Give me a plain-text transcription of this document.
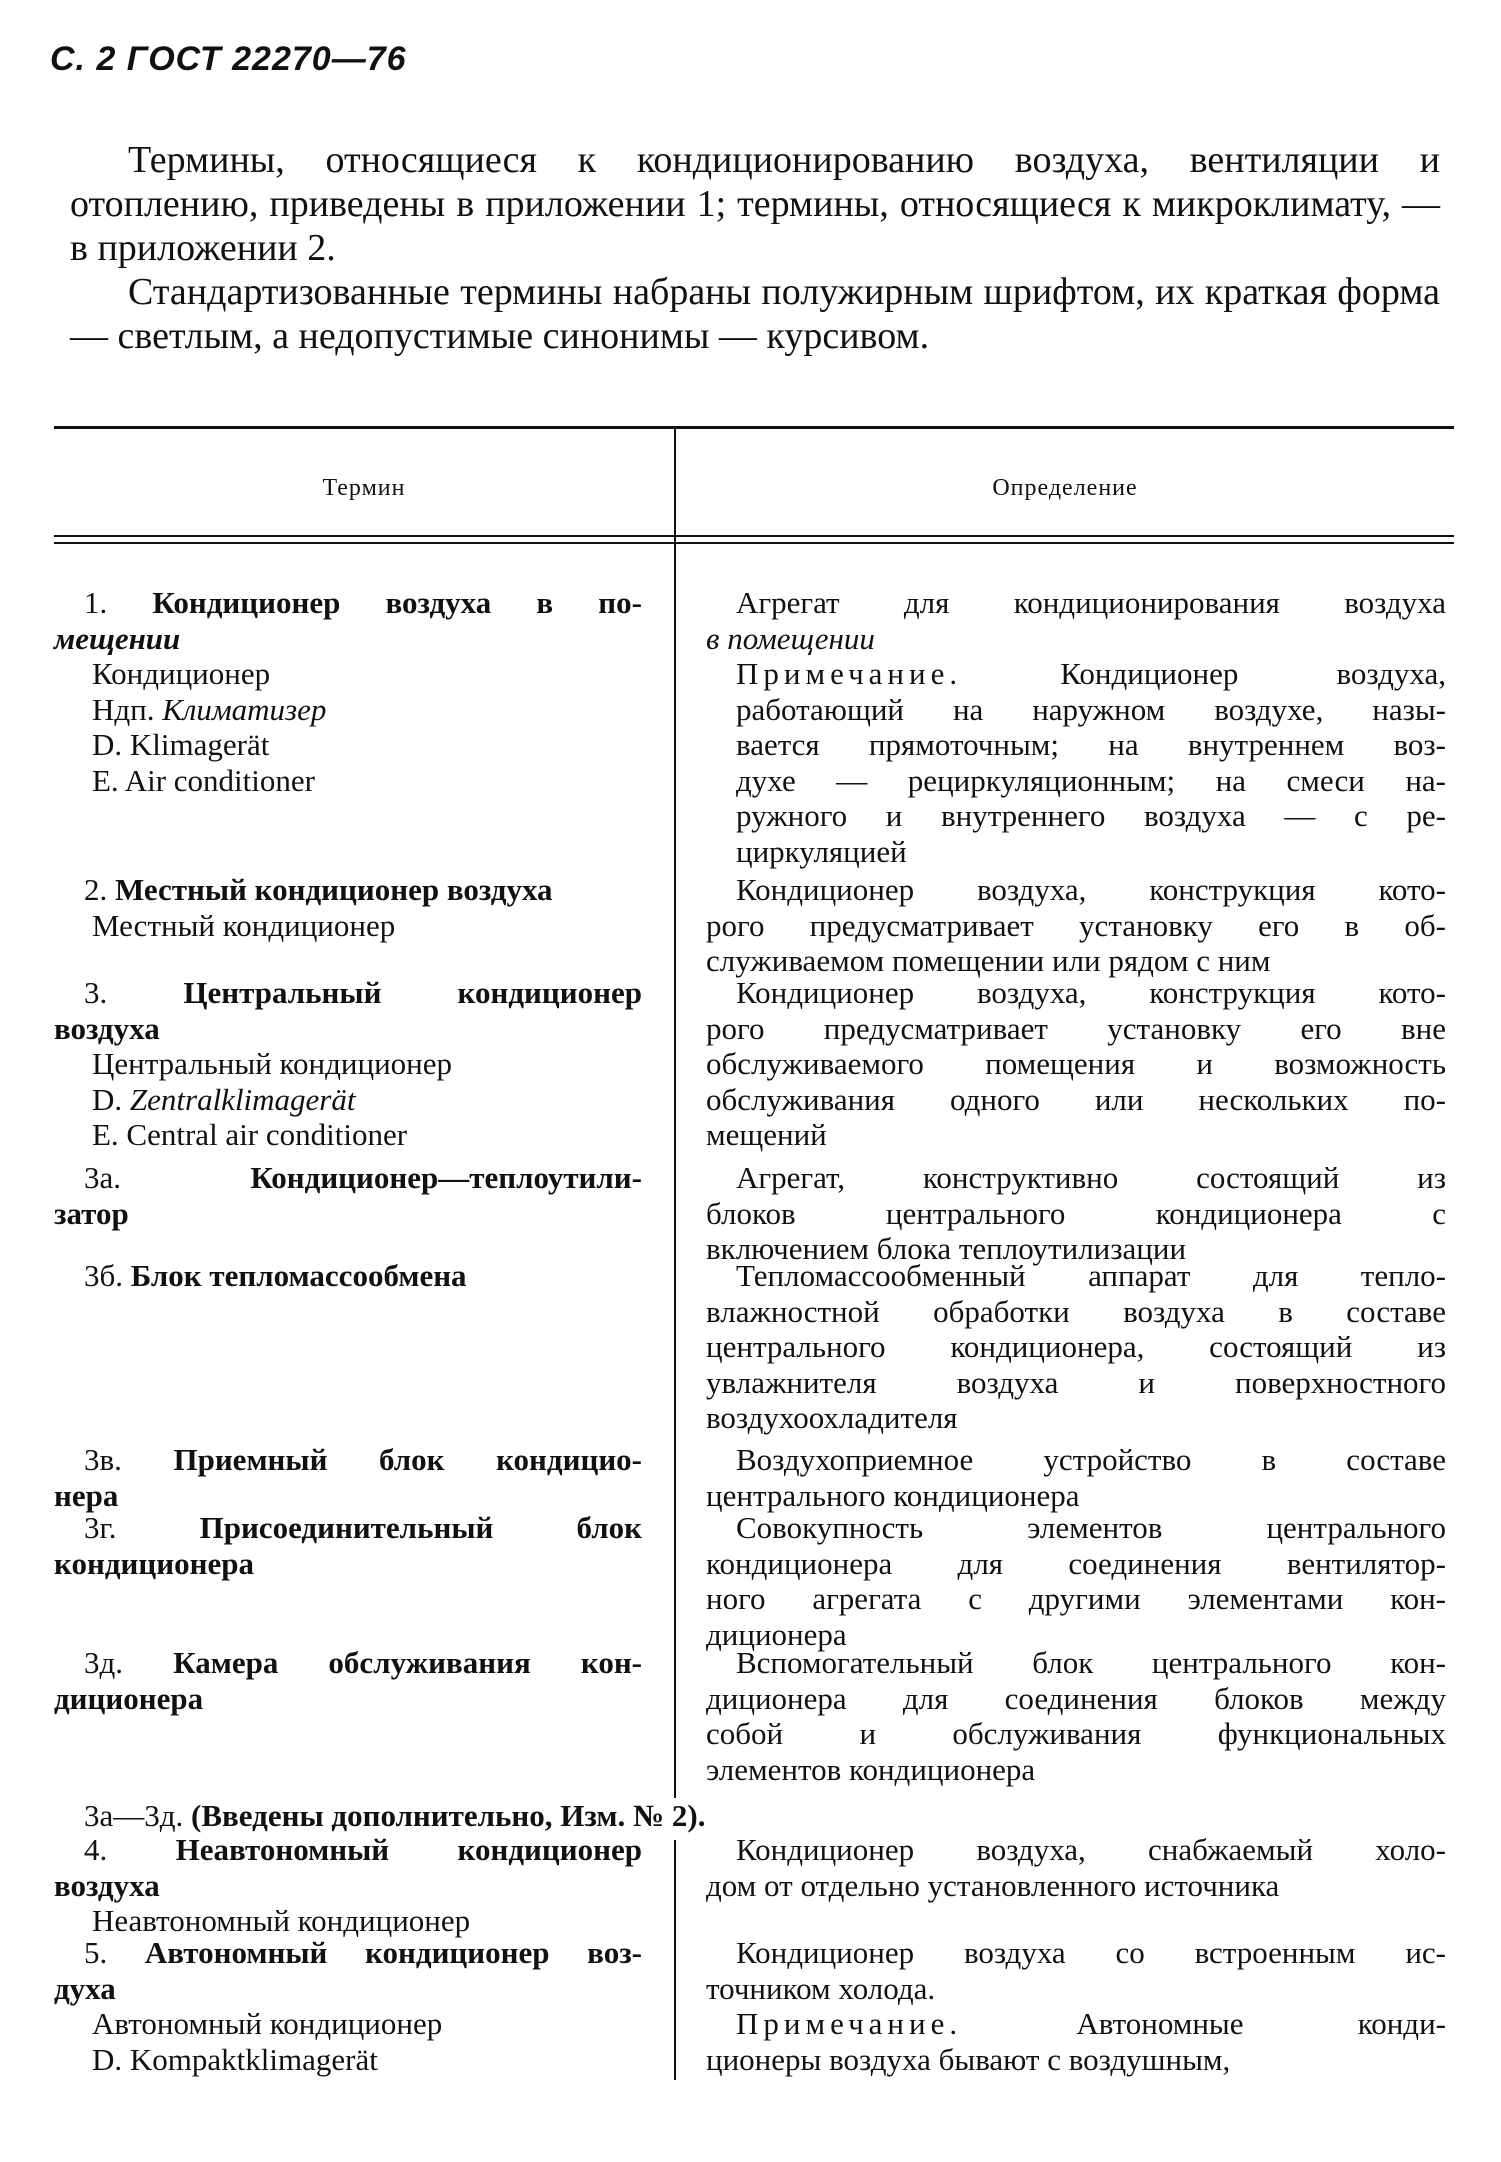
С. 2 ГОСТ 22270—76

Термины, относящиеся к кондиционированию воздуха, вентиляции и отоплению, приведены в приложении 1; термины, относящиеся к микроклимату, — в приложении 2.

Стандартизованные термины набраны полужирным шрифтом, их краткая форма — светлым, а недопустимые синонимы — курсивом.

Термин	Определение
1. Кондиционер воздуха в по-
мещении
Кондиционер
Ндп. Климатизер
D. Klimagerät
E. Air conditioner
Агрегат для кондиционирования воздуха
в помещении
Примечание. Кондиционер воздуха,
работающий на наружном воздухе, назы-
вается прямоточным; на внутреннем воз-
духе — рециркуляционным; на смеси на-
ружного и внутреннего воздуха — с ре-
циркуляцией
2. Местный кондиционер воздуха
Местный кондиционер
Кондиционер воздуха, конструкция кото-
рого предусматривает установку его в об-
служиваемом помещении или рядом с ним
3. Центральный кондиционер
воздуха
Центральный кондиционер
D. Zentralklimagerät
E. Central air conditioner
Кондиционер воздуха, конструкция кото-
рого предусматривает установку его вне
обслуживаемого помещения и возможность
обслуживания одного или нескольких по-
мещений
3а. Кондиционер—теплоутили-
затор
Агрегат, конструктивно состоящий из
блоков центрального кондиционера с
включением блока теплоутилизации
3б. Блок тепломассообмена	Тепломассообменный аппарат для тепло-
влажностной обработки воздуха в составе
центрального кондиционера, состоящий из
увлажнителя воздуха и поверхностного
воздухоохладителя
3в. Приемный блок кондицио-
нера
Воздухоприемное устройство в составе
центрального кондиционера
3г. Присоединительный блок
кондиционера
Совокупность элементов центрального
кондиционера для соединения вентилятор-
ного агрегата с другими элементами кон-
диционера
3д. Камера обслуживания кон-
диционера
Вспомогательный блок центрального кон-
диционера для соединения блоков между
собой и обслуживания функциональных
элементов кондиционера
4. Неавтономный кондиционер
воздуха
Неавтономный кондиционер
Кондиционер воздуха, снабжаемый холо-
дом от отдельно установленного источника
5. Автономный кондиционер воз-
духа
Автономный кондиционер
D. Kompaktklimagerät
Кондиционер воздуха со встроенным ис-
точником холода.
Примечание. Автономные конди-
ционеры воздуха бывают с воздушным,
3а—3д. (Введены дополнительно, Изм. № 2).
